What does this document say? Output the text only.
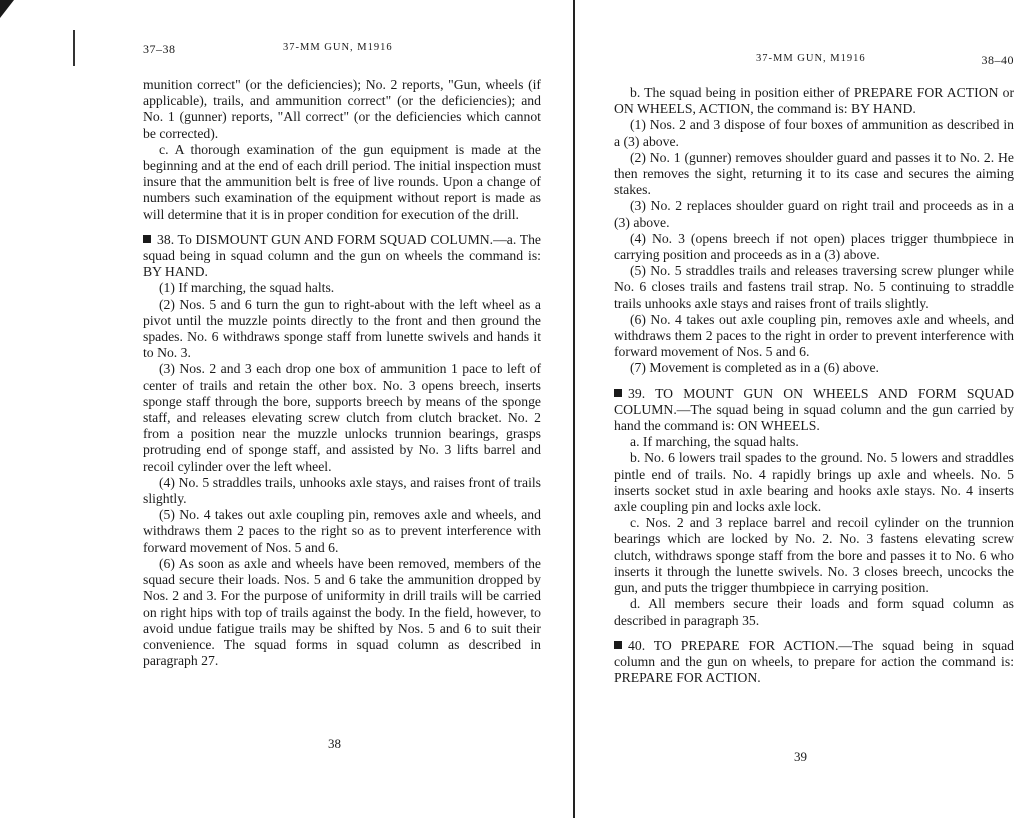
37–38	37-MM GUN, M1916

munition correct" (or the deficiencies); No. 2 reports, "Gun, wheels (if applicable), trails, and ammunition correct" (or the deficiencies); and No. 1 (gunner) reports, "All correct" (or the deficiencies which cannot be corrected).

c. A thorough examination of the gun equipment is made at the beginning and at the end of each drill period. The initial inspection must insure that the ammunition belt is free of live rounds. Upon a change of numbers such examination of the equipment without report is made as will determine that it is in proper condition for execution of the drill.

38. To DISMOUNT GUN AND FORM SQUAD COLUMN.—a. The squad being in squad column and the gun on wheels the command is: BY HAND.

(1) If marching, the squad halts.

(2) Nos. 5 and 6 turn the gun to right-about with the left wheel as a pivot until the muzzle points directly to the front and then ground the spades. No. 6 withdraws sponge staff from lunette swivels and hands it to No. 3.

(3) Nos. 2 and 3 each drop one box of ammunition 1 pace to left of center of trails and retain the other box. No. 3 opens breech, inserts sponge staff through the bore, supports breech by means of the sponge staff, and releases elevating screw clutch from clutch bracket. No. 2 from a position near the muzzle unlocks trunnion bearings, grasps protruding end of sponge staff, and assisted by No. 3 lifts barrel and recoil cylinder over the left wheel.

(4) No. 5 straddles trails, unhooks axle stays, and raises front of trails slightly.

(5) No. 4 takes out axle coupling pin, removes axle and wheels, and withdraws them 2 paces to the right so as to prevent interference with forward movement of Nos. 5 and 6.

(6) As soon as axle and wheels have been removed, members of the squad secure their loads. Nos. 5 and 6 take the ammunition dropped by Nos. 2 and 3. For the purpose of uniformity in drill trails will be carried on right hips with top of trails against the body. In the field, however, to avoid undue fatigue trails may be shifted by Nos. 5 and 6 to suit their convenience. The squad forms in squad column as described in paragraph 27.

38
37-MM GUN, M1916	38–40

b. The squad being in position either of PREPARE FOR ACTION or ON WHEELS, ACTION, the command is: BY HAND.

(1) Nos. 2 and 3 dispose of four boxes of ammunition as described in a (3) above.

(2) No. 1 (gunner) removes shoulder guard and passes it to No. 2. He then removes the sight, returning it to its case and secures the aiming stakes.

(3) No. 2 replaces shoulder guard on right trail and proceeds as in a (3) above.

(4) No. 3 (opens breech if not open) places trigger thumbpiece in carrying position and proceeds as in a (3) above.

(5) No. 5 straddles trails and releases traversing screw plunger while No. 6 closes trails and fastens trail strap. No. 5 continuing to straddle trails unhooks axle stays and raises front of trails slightly.

(6) No. 4 takes out axle coupling pin, removes axle and wheels, and withdraws them 2 paces to the right in order to prevent interference with forward movement of Nos. 5 and 6.

(7) Movement is completed as in a (6) above.

39. TO MOUNT GUN ON WHEELS AND FORM SQUAD COLUMN.—The squad being in squad column and the gun carried by hand the command is: ON WHEELS.

a. If marching, the squad halts.

b. No. 6 lowers trail spades to the ground. No. 5 lowers and straddles pintle end of trails. No. 4 rapidly brings up axle and wheels. No. 5 inserts socket stud in axle bearing and hooks axle stays. No. 4 inserts axle coupling pin and locks axle lock.

c. Nos. 2 and 3 replace barrel and recoil cylinder on the trunnion bearings which are locked by No. 2. No. 3 fastens elevating screw clutch, withdraws sponge staff from the bore and passes it to No. 6 who inserts it through the lunette swivels. No. 3 closes breech, uncocks the gun, and puts the trigger thumbpiece in carrying position.

d. All members secure their loads and form squad column as described in paragraph 35.

40. TO PREPARE FOR ACTION.—The squad being in squad column and the gun on wheels, to prepare for action the command is: PREPARE FOR ACTION.

39
